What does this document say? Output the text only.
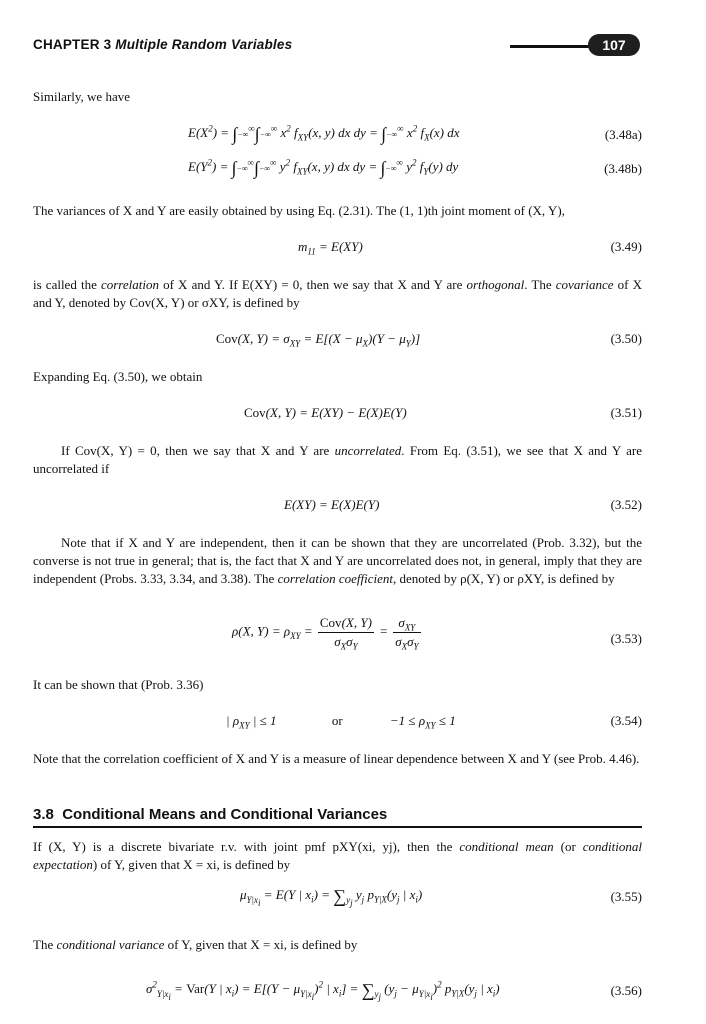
CHAPTER 3 Multiple Random Variables	107
Similarly, we have
$E(X^2) = \int-\infty^\infty\int-\infty^\infty$ $x^2$ $f_{XY}(x$, y) dx dy = ∫−∞∞ $x^2$ $f_X(x)$ dx	(3.48a)
$E(Y^2) = \int-\infty^\infty\int-\infty^\infty$ $y^2$ $f_{XY}(x$, y) dx dy = ∫−∞∞ $y^2$ $f_Y(y)$ dy	(3.48b)
The variances of X and Y are easily obtained by using Eq. (2.31). The (1, 1)th joint moment of (X, Y),
$m_{11} = E(XY)$	(3.49)
is called the correlation of X and Y. If E(XY) = 0, then we say that X and Y are orthogonal. The covariance of X and Y, denoted by Cov(X, Y) or σXY, is defined by
Cov(X, $Y) = \sigma_{XY} = E[(X - \mu_X)(Y - \mu_Y)]$	(3.50)
Expanding Eq. (3.50), we obtain
Cov(X, Y) = E(XY) − E(X)E(Y)	(3.51)
If Cov(X, Y) = 0, then we say that X and Y are uncorrelated. From Eq. (3.51), we see that X and Y are uncorrelated if
E(XY) = E(X)E(Y)	(3.52)
Note that if X and Y are independent, then it can be shown that they are uncorrelated (Prob. 3.32), but the converse is not true in general; that is, the fact that X and Y are uncorrelated does not, in general, imply that they are independent (Probs. 3.33, 3.34, and 3.38). The correlation coefficient, denoted by ρ(X, Y) or ρXY, is defined by
ρ(X, $Y) = \rho_{XY} = \frac{\text{Cov(X, Y)}}{\sigma_X\sigma_Y} = \frac{\sigma_{XY}}{\sigma_X\sigma_Y}$	(3.53)
It can be shown that (Prob. 3.36)
| $\rho_{XY}$ | ≤ 1	or	$-1 \le \rho_{XY} \le 1$	(3.54)
Note that the correlation coefficient of X and Y is a measure of linear dependence between X and Y (see Prob. 4.46).
3.8 Conditional Means and Conditional Variances
If (X, Y) is a discrete bivariate r.v. with joint pmf pXY(xi, yj), then the conditional mean (or conditional expectation) of Y, given that X = xi, is defined by
$\mu_{Y|x_i} = E(Y$ | $x_i) = \sum_{y_j}$ $y_j$ $p_{Y|X}(y_j$ | $x_i$)	(3.55)
The conditional variance of Y, given that X = xi, is defined by
$\sigma^2_{Y|x_i} = Var(Y$ | $x_i) = E[(Y - \mu_{Y|x_i})^2$ | $x_i] = \sum_{y_j}$ $(y_j - \mu_{Y|x_i})^2$ $p_{Y|X}(y_j$ | $x_i$)	(3.56)
